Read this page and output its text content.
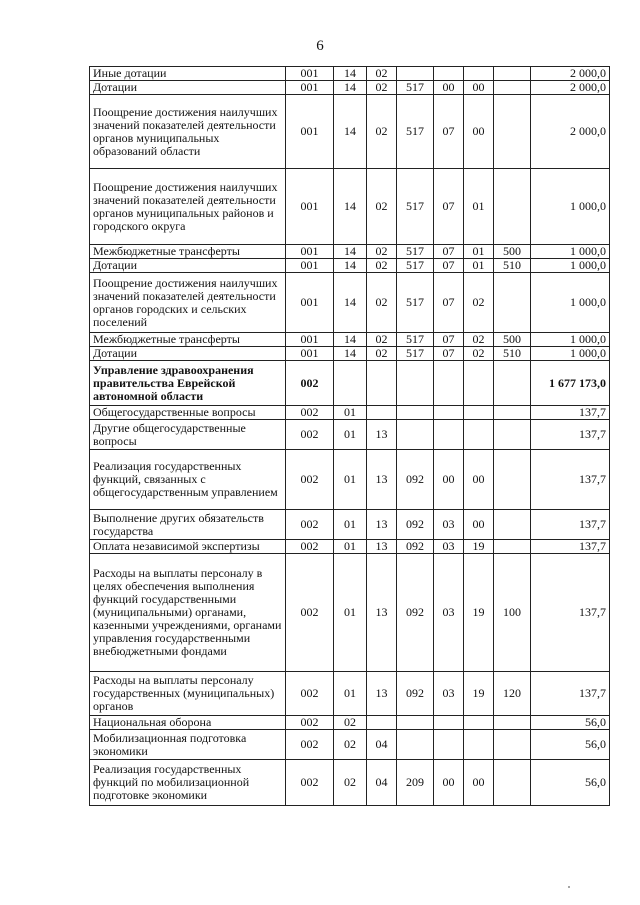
6
Иные дотации	001	14	02					2 000,0
Дотации	001	14	02	517	00	00		2 000,0
Поощрение достижения наилучших значений показателей деятельности органов муниципальных образований области	001	14	02	517	07	00		2 000,0
Поощрение достижения наилучших значений показателей деятельности органов муниципальных районов и городского округа	001	14	02	517	07	01		1 000,0
Межбюджетные трансферты	001	14	02	517	07	01	500	1 000,0
Дотации	001	14	02	517	07	01	510	1 000,0
Поощрение достижения наилучших значений показателей деятельности органов городских и сельских поселений	001	14	02	517	07	02		1 000,0
Межбюджетные трансферты	001	14	02	517	07	02	500	1 000,0
Дотации	001	14	02	517	07	02	510	1 000,0
Управление здравоохранения правительства Еврейской автономной области	002							1 677 173,0
Общегосударственные вопросы	002	01						137,7
Другие общегосударственные вопросы	002	01	13					137,7
Реализация государственных функций, связанных с общегосударственным управлением	002	01	13	092	00	00		137,7
Выполнение других обязательств государства	002	01	13	092	03	00		137,7
Оплата независимой экспертизы	002	01	13	092	03	19		137,7
Расходы на выплаты персоналу в целях обеспечения выполнения функций государственными (муниципальными) органами, казенными учреждениями, органами управления государственными внебюджетными фондами	002	01	13	092	03	19	100	137,7
Расходы на выплаты персоналу государственных (муниципальных) органов	002	01	13	092	03	19	120	137,7
Национальная оборона	002	02						56,0
Мобилизационная подготовка экономики	002	02	04					56,0
Реализация государственных функций по мобилизационной подготовке экономики	002	02	04	209	00	00		56,0
